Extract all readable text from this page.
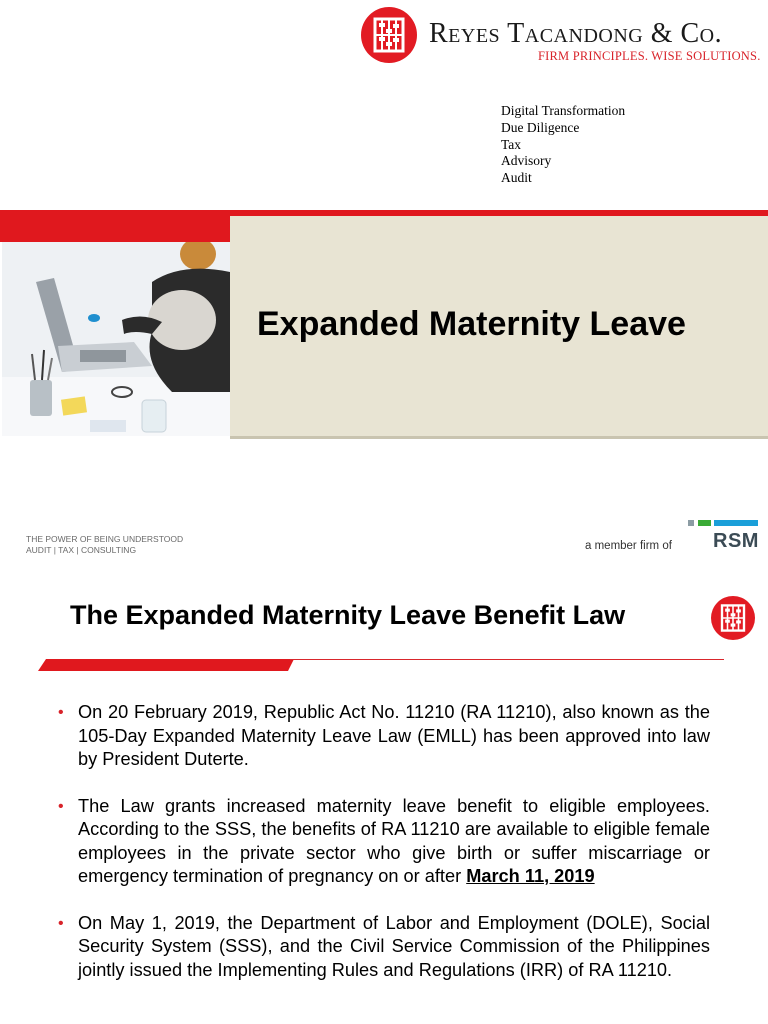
Reyes Tacandong & Co.
FIRM PRINCIPLES. WISE SOLUTIONS.
Digital Transformation
Due Diligence
Tax
Advisory
Audit
Expanded Maternity Leave
THE POWER OF BEING UNDERSTOOD
AUDIT | TAX | CONSULTING	a member firm of RSM
The Expanded Maternity Leave Benefit Law
• On 20 February 2019, Republic Act No. 11210 (RA 11210), also known as the 105-Day Expanded Maternity Leave Law (EMLL) has been approved into law by President Duterte.
• The Law grants increased maternity leave benefit to eligible employees. According to the SSS, the benefits of RA 11210 are available to eligible female employees in the private sector who give birth or suffer miscarriage or emergency termination of pregnancy on or after March 11, 2019
• On May 1, 2019, the Department of Labor and Employment (DOLE), Social Security System (SSS), and the Civil Service Commission of the Philippines jointly issued the Implementing Rules and Regulations (IRR) of RA 11210.
